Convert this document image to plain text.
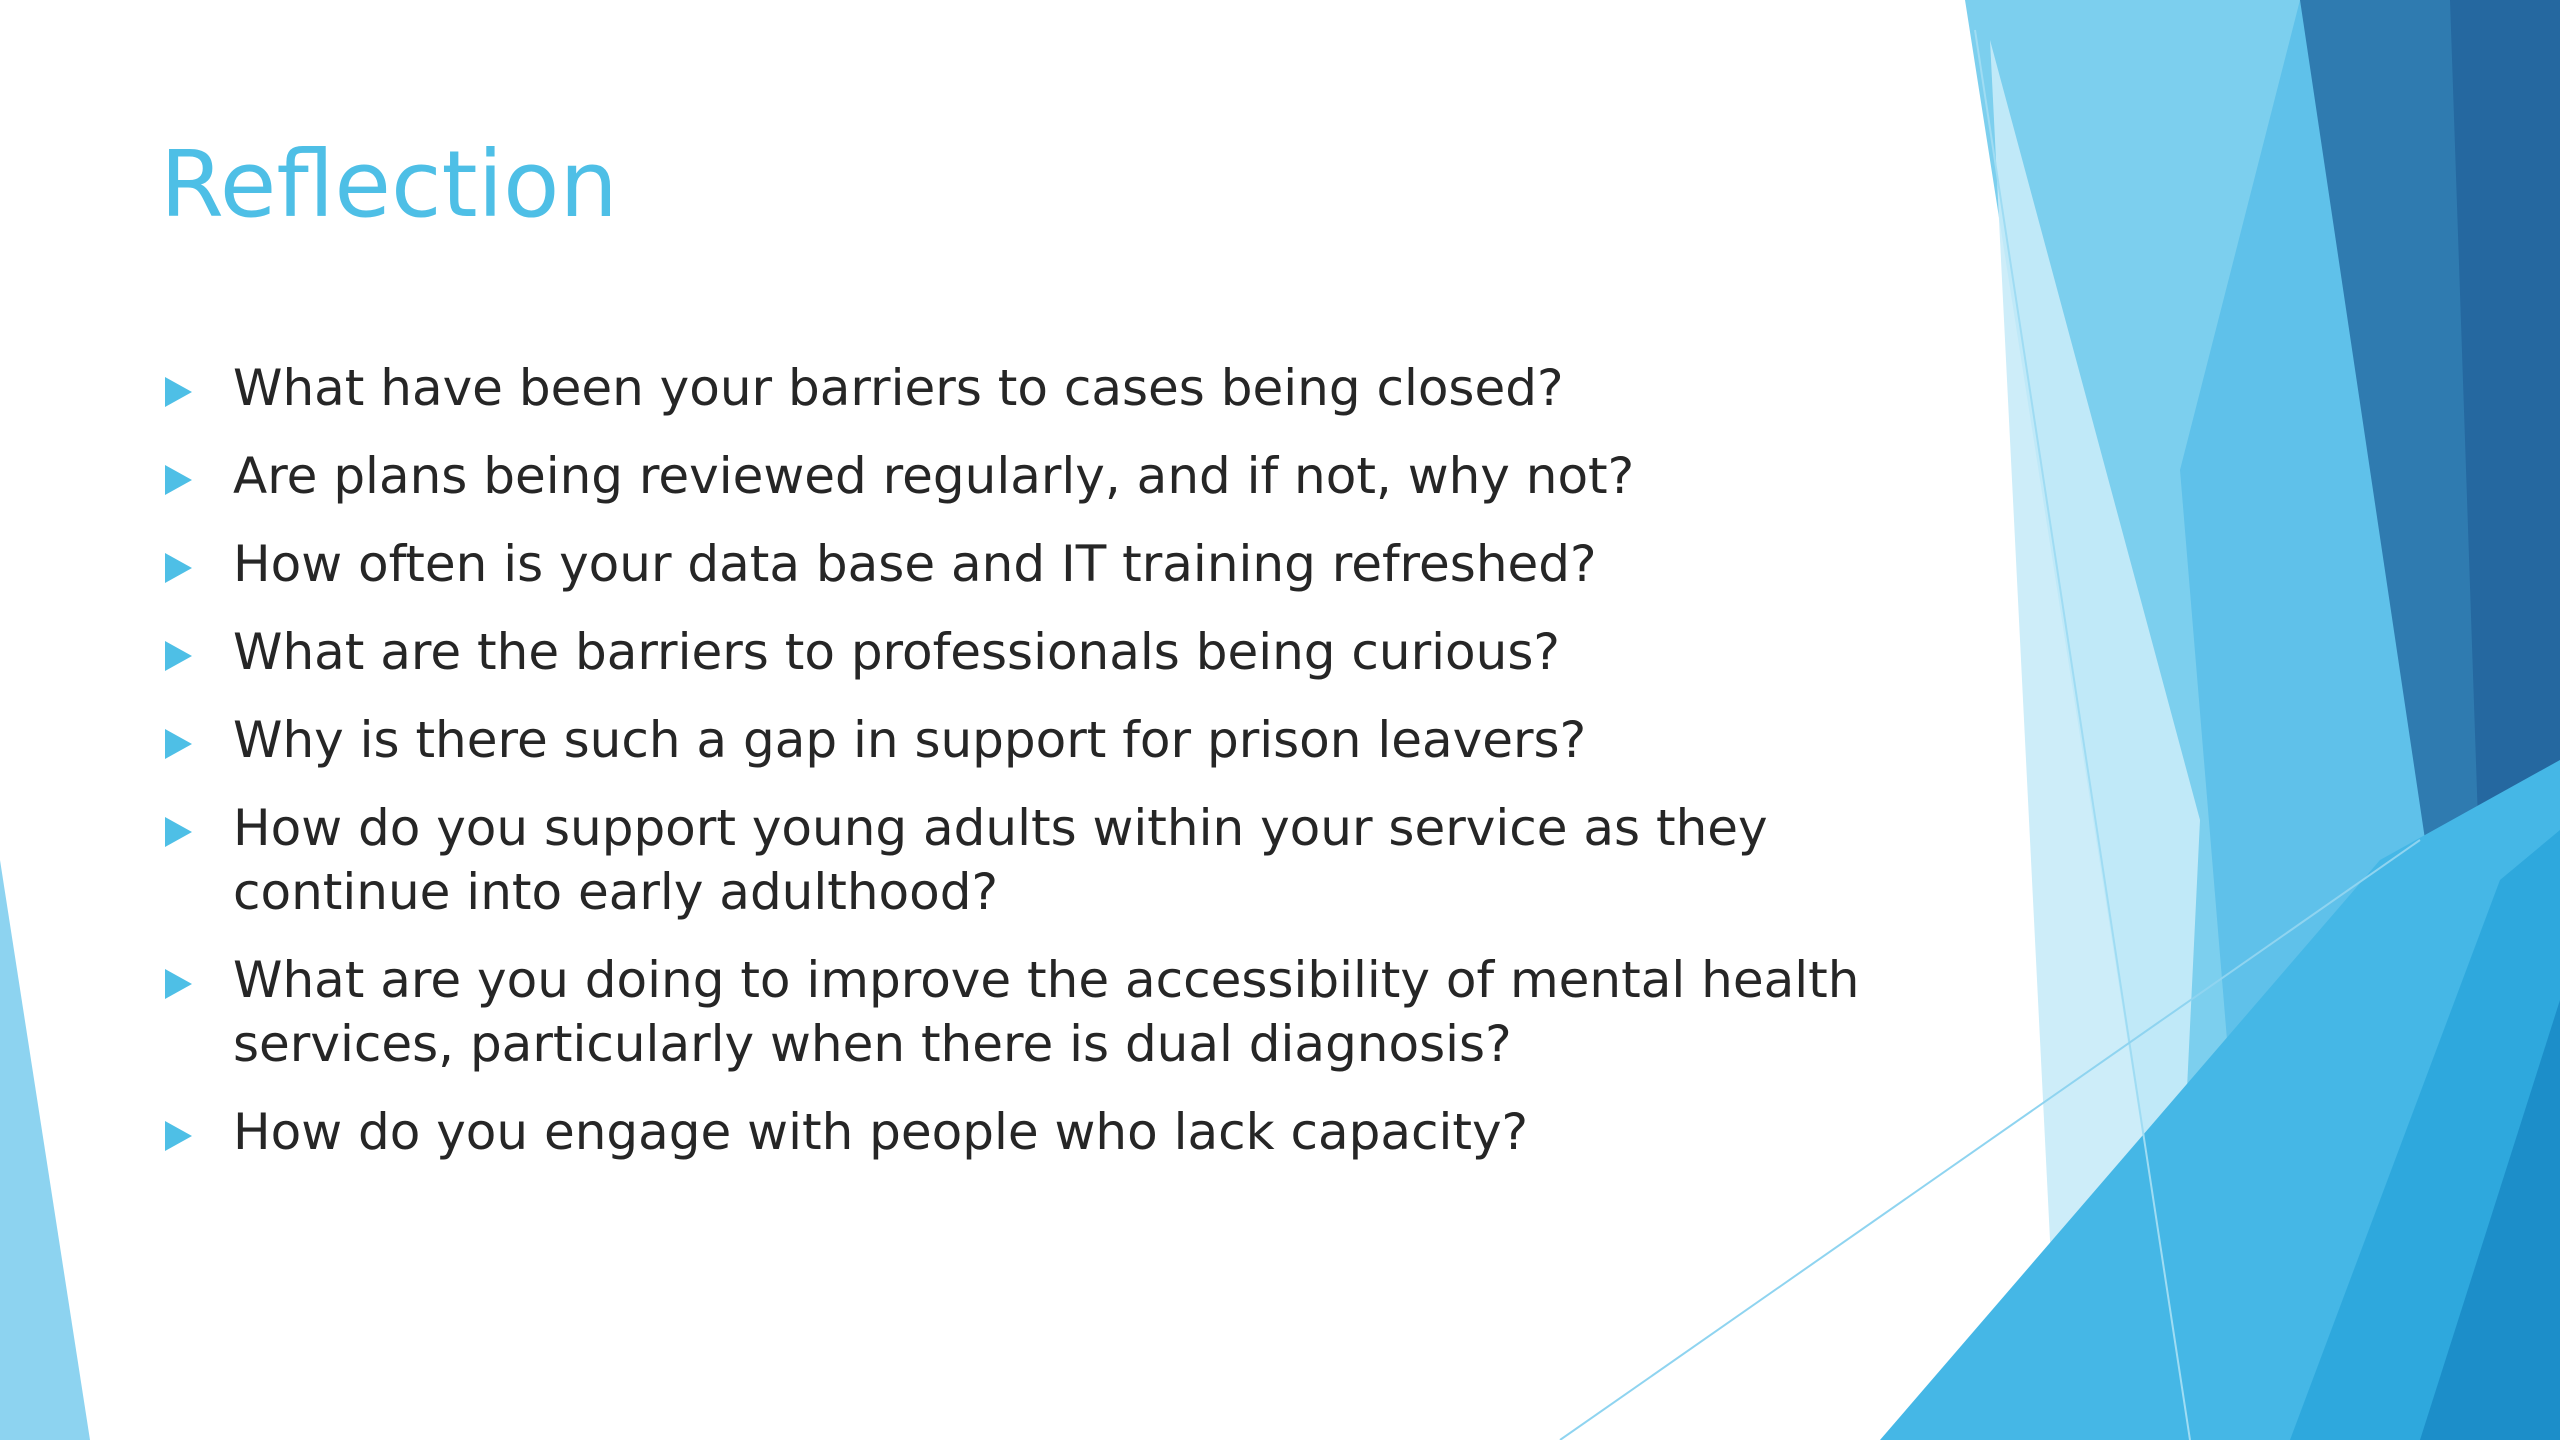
Reflection
What have been your barriers to cases being closed?
Are plans being reviewed regularly, and if not, why not?
How often is your data base and IT training refreshed?
What are the barriers to professionals being curious?
Why is there such a gap in support for prison leavers?
How do you support young adults within your service as they continue into early adulthood?
What are you doing to improve the accessibility of mental health services, particularly when there is dual diagnosis?
How do you engage with people who lack capacity?
